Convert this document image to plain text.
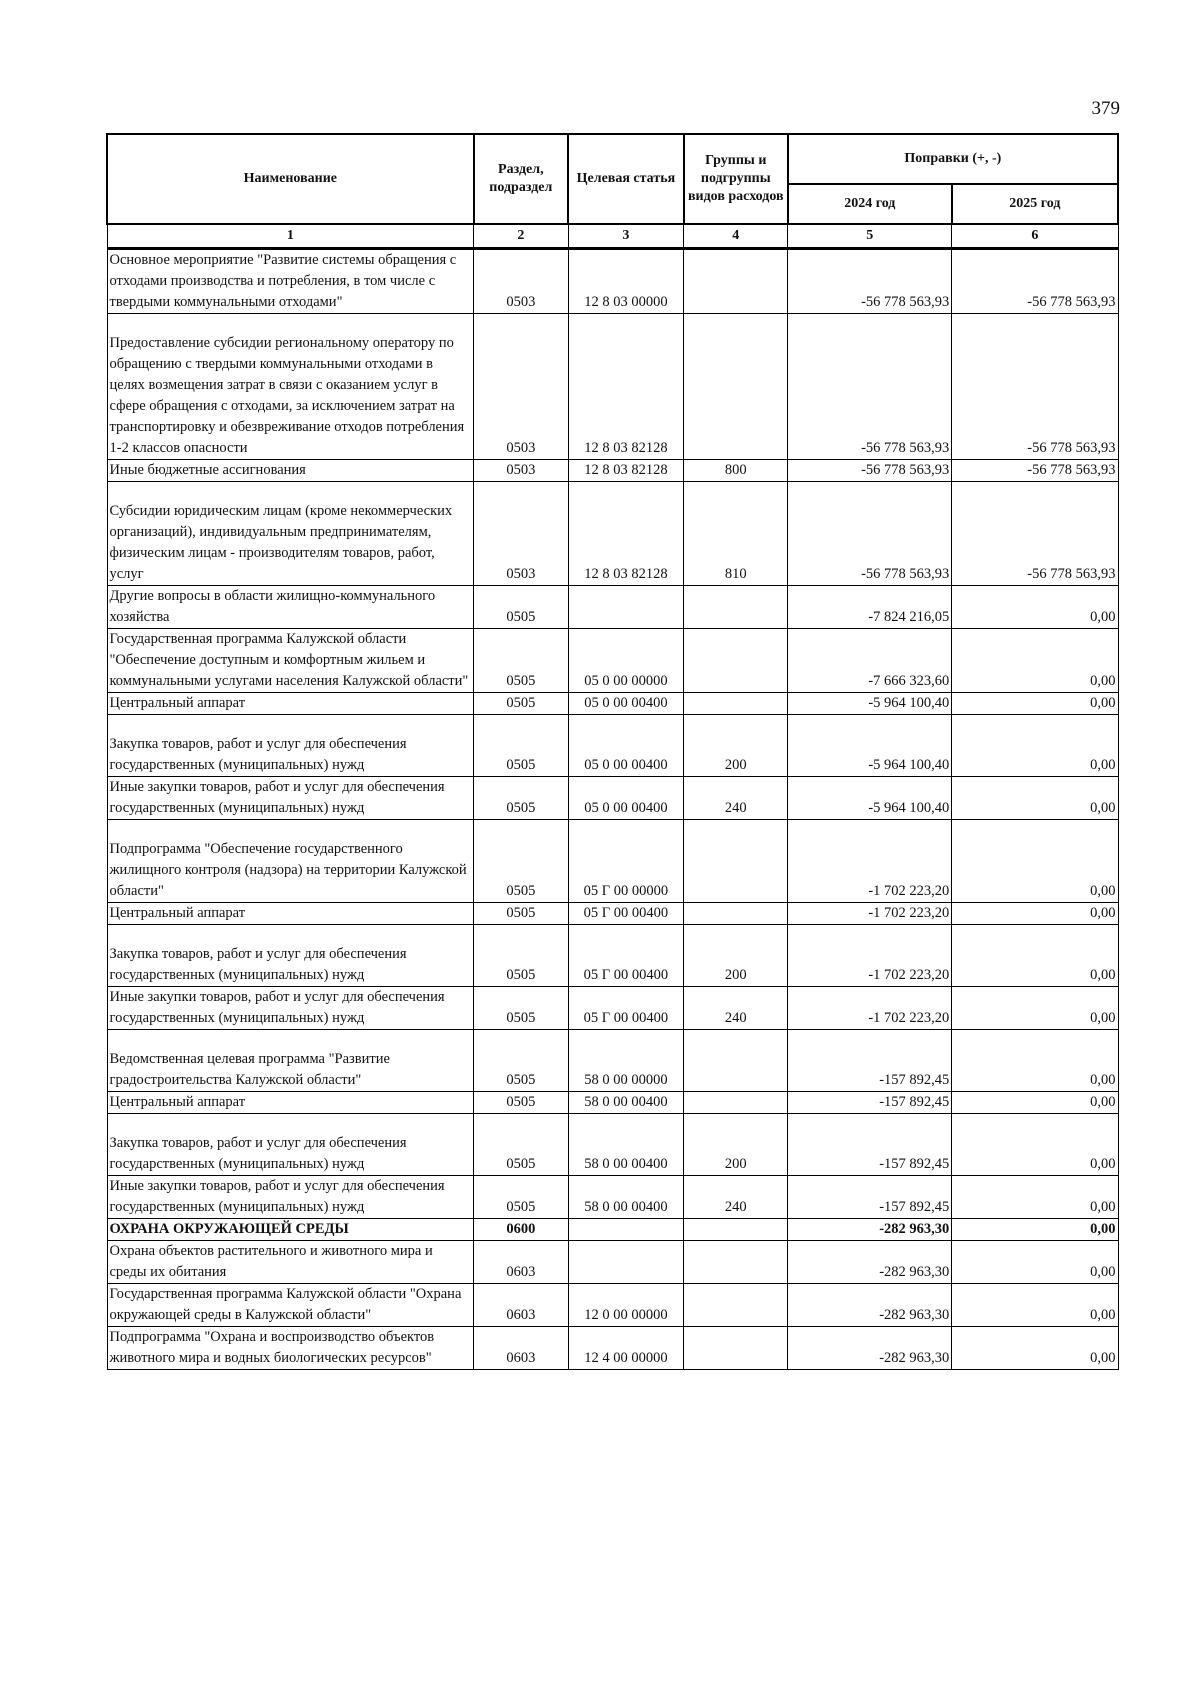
379
Наименование	Раздел, подраздел	Целевая статья	Группы и подгруппы видов расходов	Поправки (+, -)	
				2024 год	2025 год
1	2	3	4	5	6
Основное мероприятие "Развитие системы обращения с отходами производства и потребления, в том числе с твердыми коммунальными отходами"	0503	12 8 03 00000		-56 778 563,93	-56 778 563,93
Предоставление субсидии региональному оператору по обращению с твердыми коммунальными отходами в целях возмещения затрат в связи с оказанием услуг в сфере обращения с отходами, за исключением затрат на транспортировку и обезвреживание отходов потребления 1-2 классов опасности	0503	12 8 03 82128		-56 778 563,93	-56 778 563,93
Иные бюджетные ассигнования	0503	12 8 03 82128	800	-56 778 563,93	-56 778 563,93
Субсидии юридическим лицам (кроме некоммерческих организаций), индивидуальным предпринимателям, физическим лицам - производителям товаров, работ, услуг	0503	12 8 03 82128	810	-56 778 563,93	-56 778 563,93
Другие вопросы в области жилищно-коммунального хозяйства	0505			-7 824 216,05	0,00
Государственная программа Калужской области "Обеспечение доступным и комфортным жильем и коммунальными услугами населения Калужской области"	0505	05 0 00 00000		-7 666 323,60	0,00
Центральный аппарат	0505	05 0 00 00400		-5 964 100,40	0,00
Закупка товаров, работ и услуг для обеспечения государственных (муниципальных) нужд	0505	05 0 00 00400	200	-5 964 100,40	0,00
Иные закупки товаров, работ и услуг для обеспечения государственных (муниципальных) нужд	0505	05 0 00 00400	240	-5 964 100,40	0,00
Подпрограмма "Обеспечение государственного жилищного контроля (надзора) на территории Калужской области"	0505	05 Г 00 00000		-1 702 223,20	0,00
Центральный аппарат	0505	05 Г 00 00400		-1 702 223,20	0,00
Закупка товаров, работ и услуг для обеспечения государственных (муниципальных) нужд	0505	05 Г 00 00400	200	-1 702 223,20	0,00
Иные закупки товаров, работ и услуг для обеспечения государственных (муниципальных) нужд	0505	05 Г 00 00400	240	-1 702 223,20	0,00
Ведомственная целевая программа "Развитие градостроительства Калужской области"	0505	58 0 00 00000		-157 892,45	0,00
Центральный аппарат	0505	58 0 00 00400		-157 892,45	0,00
Закупка товаров, работ и услуг для обеспечения государственных (муниципальных) нужд	0505	58 0 00 00400	200	-157 892,45	0,00
Иные закупки товаров, работ и услуг для обеспечения государственных (муниципальных) нужд	0505	58 0 00 00400	240	-157 892,45	0,00
ОХРАНА ОКРУЖАЮЩЕЙ СРЕДЫ	0600			-282 963,30	0,00
Охрана объектов растительного и животного мира и среды их обитания	0603			-282 963,30	0,00
Государственная программа Калужской области "Охрана окружающей среды в Калужской области"	0603	12 0 00 00000		-282 963,30	0,00
Подпрограмма "Охрана и воспроизводство объектов животного мира и водных биологических ресурсов"	0603	12 4 00 00000		-282 963,30	0,00
